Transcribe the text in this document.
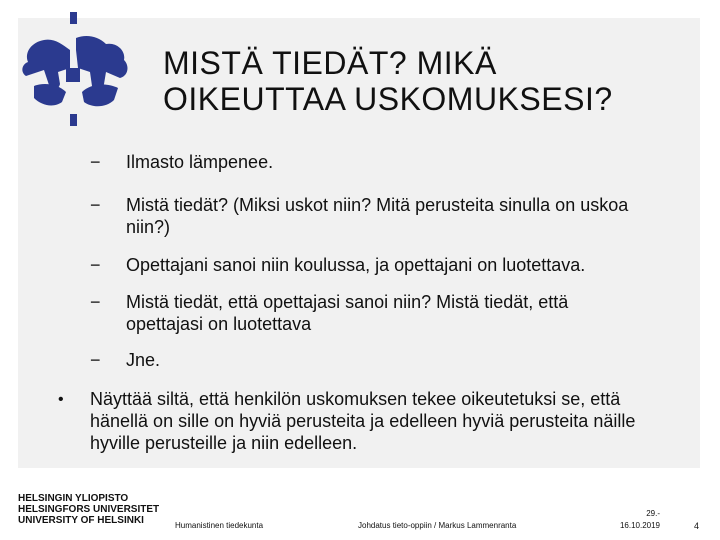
MISTÄ TIEDÄT? MIKÄ
OIKEUTTAA USKOMUKSESI?
− Ilmasto lämpenee.
− Mistä tiedät? (Miksi uskot niin? Mitä perusteita sinulla on uskoa niin?)
− Opettajani sanoi niin koulussa, ja opettajani on luotettava.
− Mistä tiedät, että opettajasi sanoi niin? Mistä tiedät, että opettajasi on luotettava
− Jne.
• Näyttää siltä, että henkilön uskomuksen tekee oikeutetuksi se, että hänellä on sille on hyviä perusteita ja edelleen hyviä perusteita näille hyville perusteille ja niin edelleen.
HELSINGIN YLIOPISTO
HELSINGFORS UNIVERSITET
UNIVERSITY OF HELSINKI	Humanistinen tiedekunta	Johdatus tieto-oppiin / Markus Lammenranta
29.-
16.10.2019	4
